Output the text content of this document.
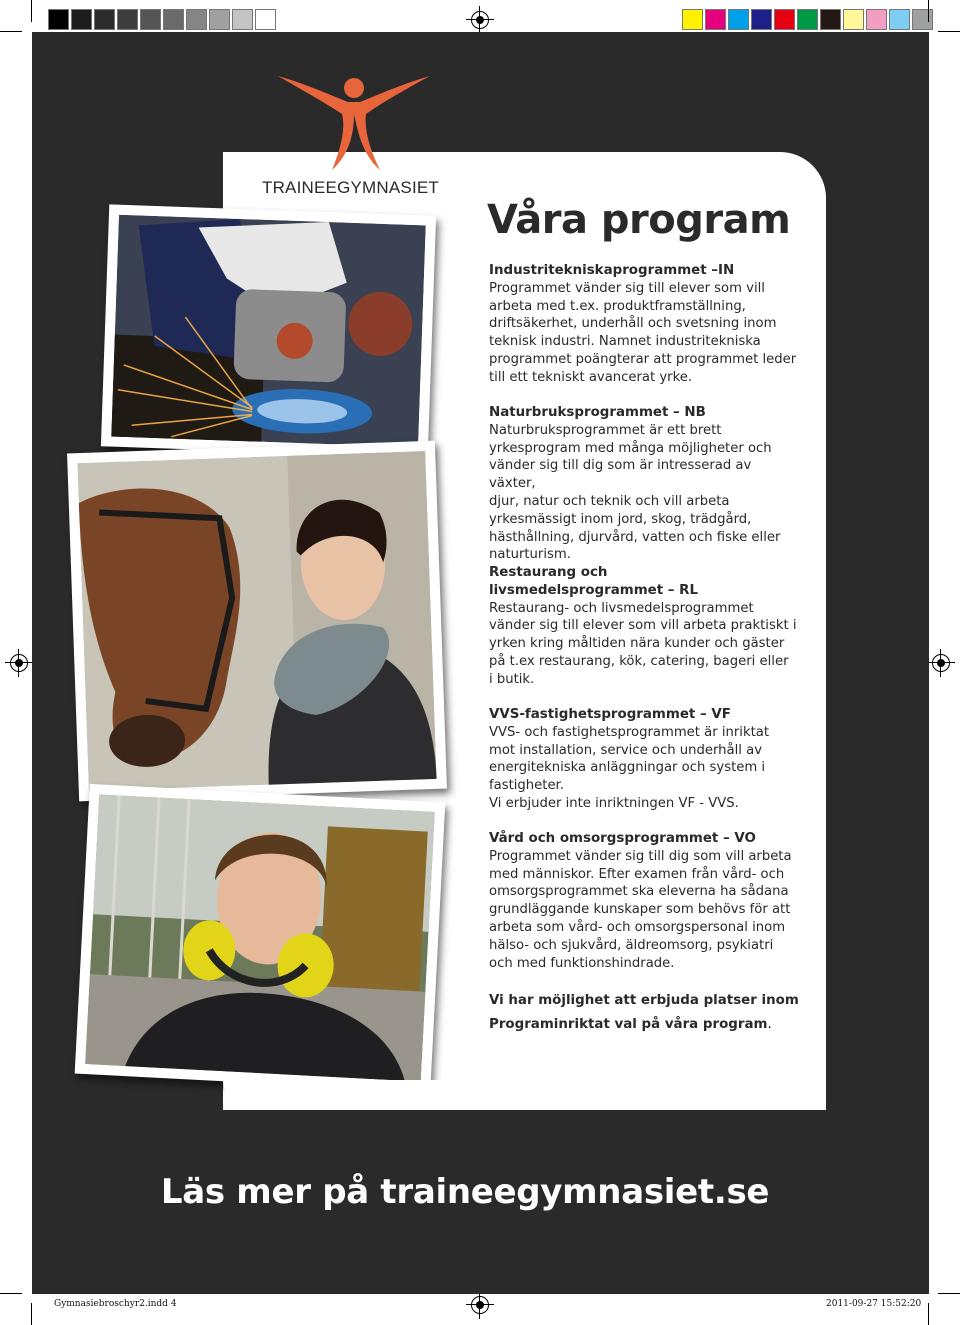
TRAINEEGYMNASIET
Våra program
Industritekniskaprogrammet –IN
Programmet vänder sig till elever som vill
arbeta med t.ex. produktframställning,
driftsäkerhet, underhåll och svetsning inom
teknisk industri. Namnet industritekniska
programmet poängterar att programmet leder
till ett tekniskt avancerat yrke.
Naturbruksprogrammet – NB
Naturbruksprogrammet är ett brett
yrkesprogram med många möjligheter och
vänder sig till dig som är intresserad av växter,
djur, natur och teknik och vill arbeta
yrkesmässigt inom jord, skog, trädgård,
hästhållning, djurvård, vatten och fiske eller
naturturism.
Restaurang och
livsmedelsprogrammet – RL
Restaurang- och livsmedelsprogrammet
vänder sig till elever som vill arbeta praktiskt i
yrken kring måltiden nära kunder och gäster
på t.ex restaurang, kök, catering, bageri eller
i butik.
VVS-fastighetsprogrammet – VF
VVS- och fastighetsprogrammet är inriktat
mot installation, service och underhåll av
energitekniska anläggningar och system i
fastigheter.
Vi erbjuder inte inriktningen VF - VVS.
Vård och omsorgsprogrammet – VO
Programmet vänder sig till dig som vill arbeta
med människor. Efter examen från vård- och
omsorgsprogrammet ska eleverna ha sådana
grundläggande kunskaper som behövs för att
arbeta som vård- och omsorgspersonal inom
hälso- och sjukvård, äldreomsorg, psykiatri
och med funktionshindrade.
Vi har möjlighet att erbjuda platser inom
Programinriktat val på våra program.
Läs mer på traineegymnasiet.se
Gymnasiebroschyr2.indd 4	2011-09-27 15:52:20
